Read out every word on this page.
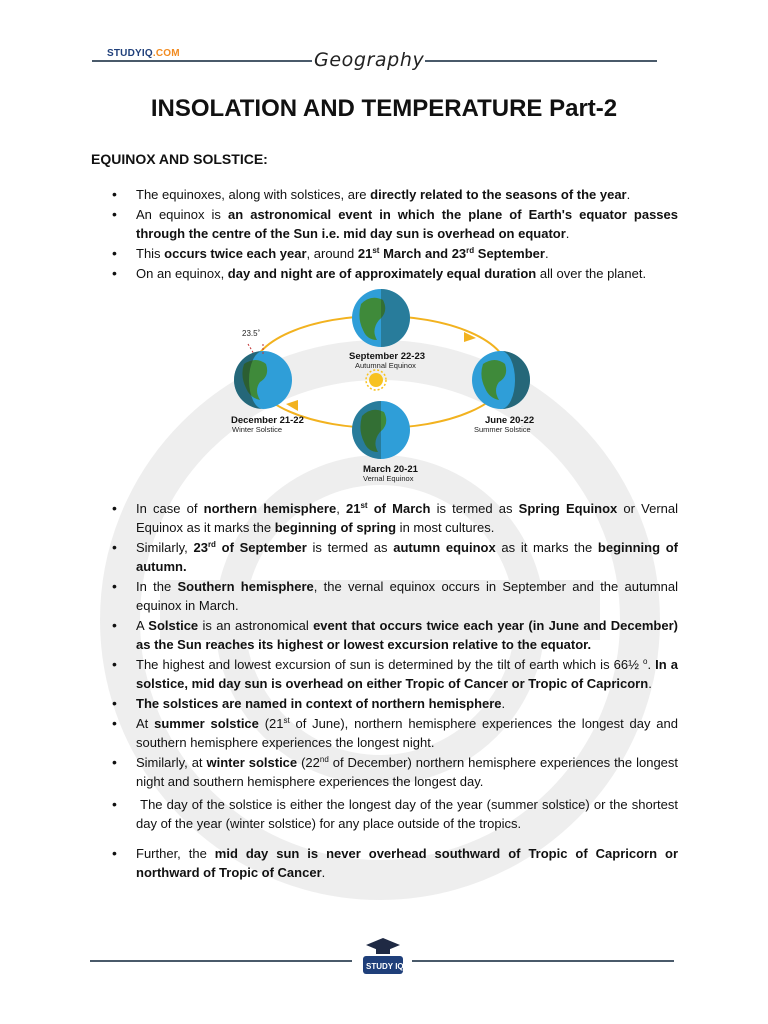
STUDYIQ.COM	Geography
INSOLATION AND TEMPERATURE Part-2
EQUINOX AND SOLSTICE:
• The equinoxes, along with solstices, are directly related to the seasons of the year.
• An equinox is an astronomical event in which the plane of Earth's equator passes through the centre of the Sun i.e. mid day sun is overhead on equator.
• This occurs twice each year, around 21st March and 23rd September.
• On an equinox, day and night are of approximately equal duration all over the planet.
23.5˚
September 22-23
Autumnal Equinox
June 20-22
Summer Solstice
December 21-22
Winter Solstice
March 20-21
Vernal Equinox
• In case of northern hemisphere, 21st of March is termed as Spring Equinox or Vernal Equinox as it marks the beginning of spring in most cultures.
• Similarly, 23rd of September is termed as autumn equinox as it marks the beginning of autumn.
• In the Southern hemisphere, the vernal equinox occurs in September and the autumnal equinox in March.
• A Solstice is an astronomical event that occurs twice each year (in June and December) as the Sun reaches its highest or lowest excursion relative to the equator.
• The highest and lowest excursion of sun is determined by the tilt of earth which is 66½ $^o$. In a solstice, mid day sun is overhead on either Tropic of Cancer or Tropic of Capricorn.
• The solstices are named in context of northern hemisphere.
• At summer solstice (21st of June), northern hemisphere experiences the longest day and southern hemisphere experiences the longest night.
• Similarly, at winter solstice (22nd of December) northern hemisphere experiences the longest night and southern hemisphere experiences the longest day.
•  The day of the solstice is either the longest day of the year (summer solstice) or the shortest day of the year (winter solstice) for any place outside of the tropics.
• Further, the mid day sun is never overhead southward of Tropic of Capricorn or northward of Tropic of Cancer.
STUDY IQ
